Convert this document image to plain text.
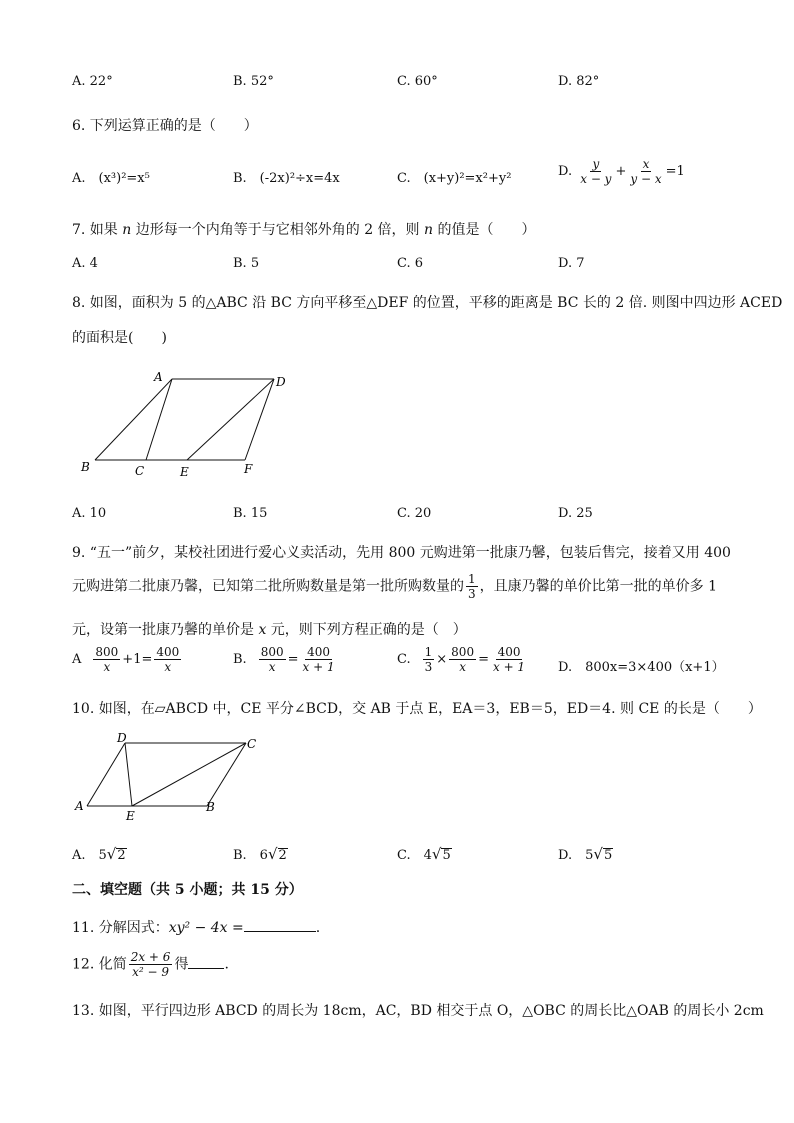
A. 22°	B. 52°	C. 60°	D. 82°
6. 下列运算正确的是（　　）
A.　(x³)²=x⁵	B.　(-2x)²÷x=4x	C.　(x+y)²=x²+y²	D. $\frac{y}{x - y} + \frac{x}{y - x} =1$
7. 如果 n 边形每一个内角等于与它相邻外角的 2 倍，则 n 的值是（　　）
A. 4	B. 5	C. 6	D. 7
8. 如图，面积为 5 的△ABC 沿 BC 方向平移至△DEF 的位置，平移的距离是 BC 长的 2 倍. 则图中四边形 ACED
的面积是(　　)
A	D
B	C	E	F
A. 10	B. 15	C. 20	D. 25
9. “五一”前夕，某校社团进行爱心义卖活动，先用 800 元购进第一批康乃馨，包装后售完，接着又用 400
元购进第二批康乃馨，已知第二批所购数量是第一批所购数量的 $\frac{1}{3}$ ，且康乃馨的单价比第一批的单价多 1
元，设第一批康乃馨的单价是 x 元，则下列方程正确的是（　）
A $\frac{800}{x} +1= \frac{400}{x}$	B. $\frac{800}{x} = \frac{400}{x + 1}$	C. $\frac{1}{3} \times \frac{800}{x} = \frac{400}{x + 1} D$.　800x=3×400（x+1）
10. 如图，在▱ABCD 中，CE 平分∠BCD，交 AB 于点 E，EA＝3，EB＝5，ED＝4. 则 CE 的长是（　　）
D	C
A
E
B
A.　5√2	B.　6√2	C.　4√5	D.　5√5
二、填空题（共 5 小题；共 15 分）
11. 分解因式：xy² − 4x =	.
12. 化简 $\frac{2x + 6}{\text{x² − 9}}$ 得	.
13. 如图，平行四边形 ABCD 的周长为 18cm，AC，BD 相交于点 O，△OBC 的周长比△OAB 的周长小 2cm
